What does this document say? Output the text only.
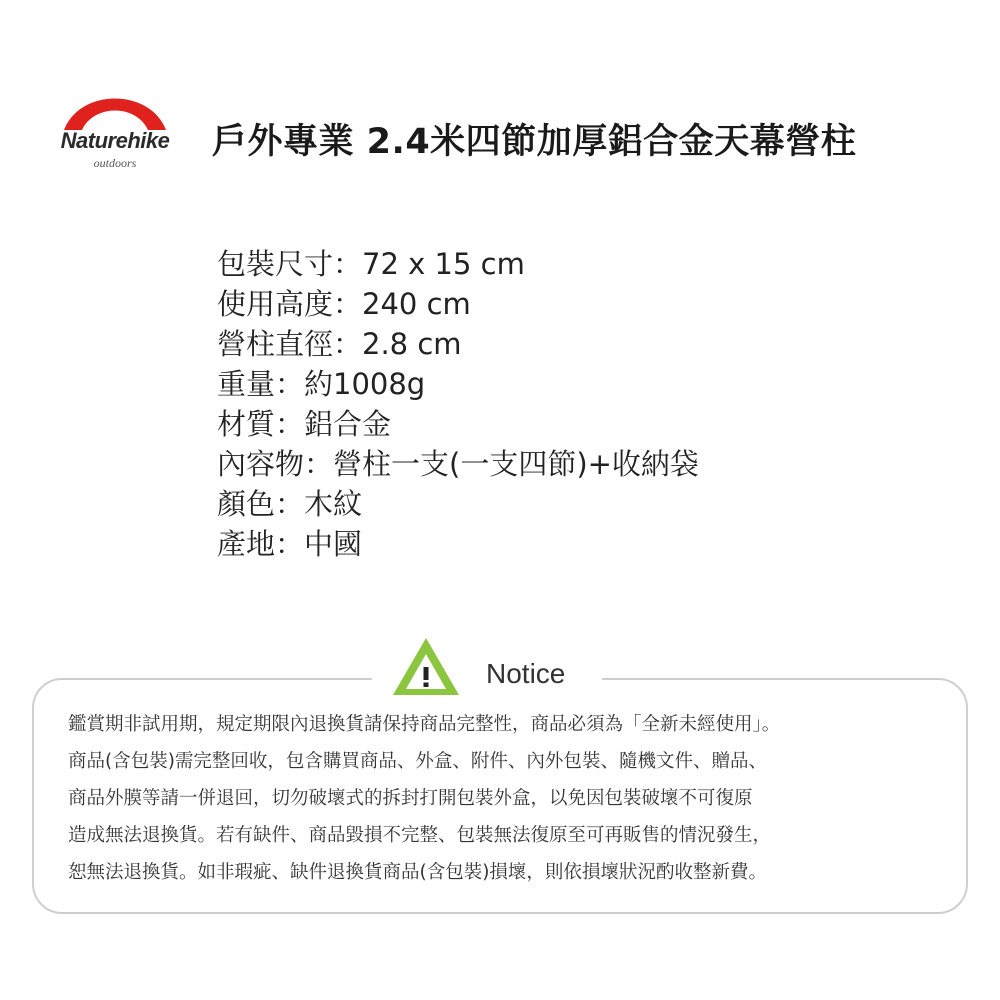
Naturehike
outdoors
戶外專業 2.4米四節加厚鋁合金天幕營柱
包裝尺寸：72 x 15 cm
使用高度：240 cm
營柱直徑：2.8 cm
重量：約1008g
材質：鋁合金
內容物：營柱一支(一支四節)+收納袋
顏色：木紋
產地：中國
Notice
鑑賞期非試用期，規定期限內退換貨請保持商品完整性，商品必須為「全新未經使用」。
商品(含包裝)需完整回收，包含購買商品、外盒、附件、內外包裝、隨機文件、贈品、
商品外膜等請一併退回，切勿破壞式的拆封打開包裝外盒，以免因包裝破壞不可復原
造成無法退換貨。若有缺件、商品毀損不完整、包裝無法復原至可再販售的情況發生，
恕無法退換貨。如非瑕疵、缺件退換貨商品(含包裝)損壞，則依損壞狀況酌收整新費。
